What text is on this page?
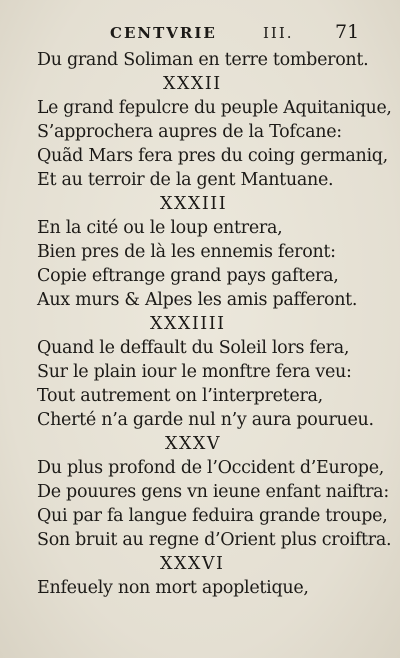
CENTVRIE	III. 71
Du grand Soliman en terre tomberont.
XXXII
Le grand fepulcre du peuple Aquitanique,
S’approchera aupres de la Tofcane:
Quãd Mars fera pres du coing germaniq,
Et au terroir de la gent Mantuane.
XXXIII
En la cité ou le loup entrera,
Bien pres de là les ennemis feront:
Copie eftrange grand pays gaftera,
Aux murs & Alpes les amis pafferont.
XXXIIII
Quand le deffault du Soleil lors fera,
Sur le plain iour le monftre fera veu:
Tout autrement on l’interpretera,
Cherté n’a garde nul n’y aura pourueu.
XXXV
Du plus profond de l’Occident d’Europe,
De pouures gens vn ieune enfant naiftra:
Qui par fa langue feduira grande troupe,
Son bruit au regne d’Orient plus croiftra.
XXXVI
Enfeuely non mort apopletique,
